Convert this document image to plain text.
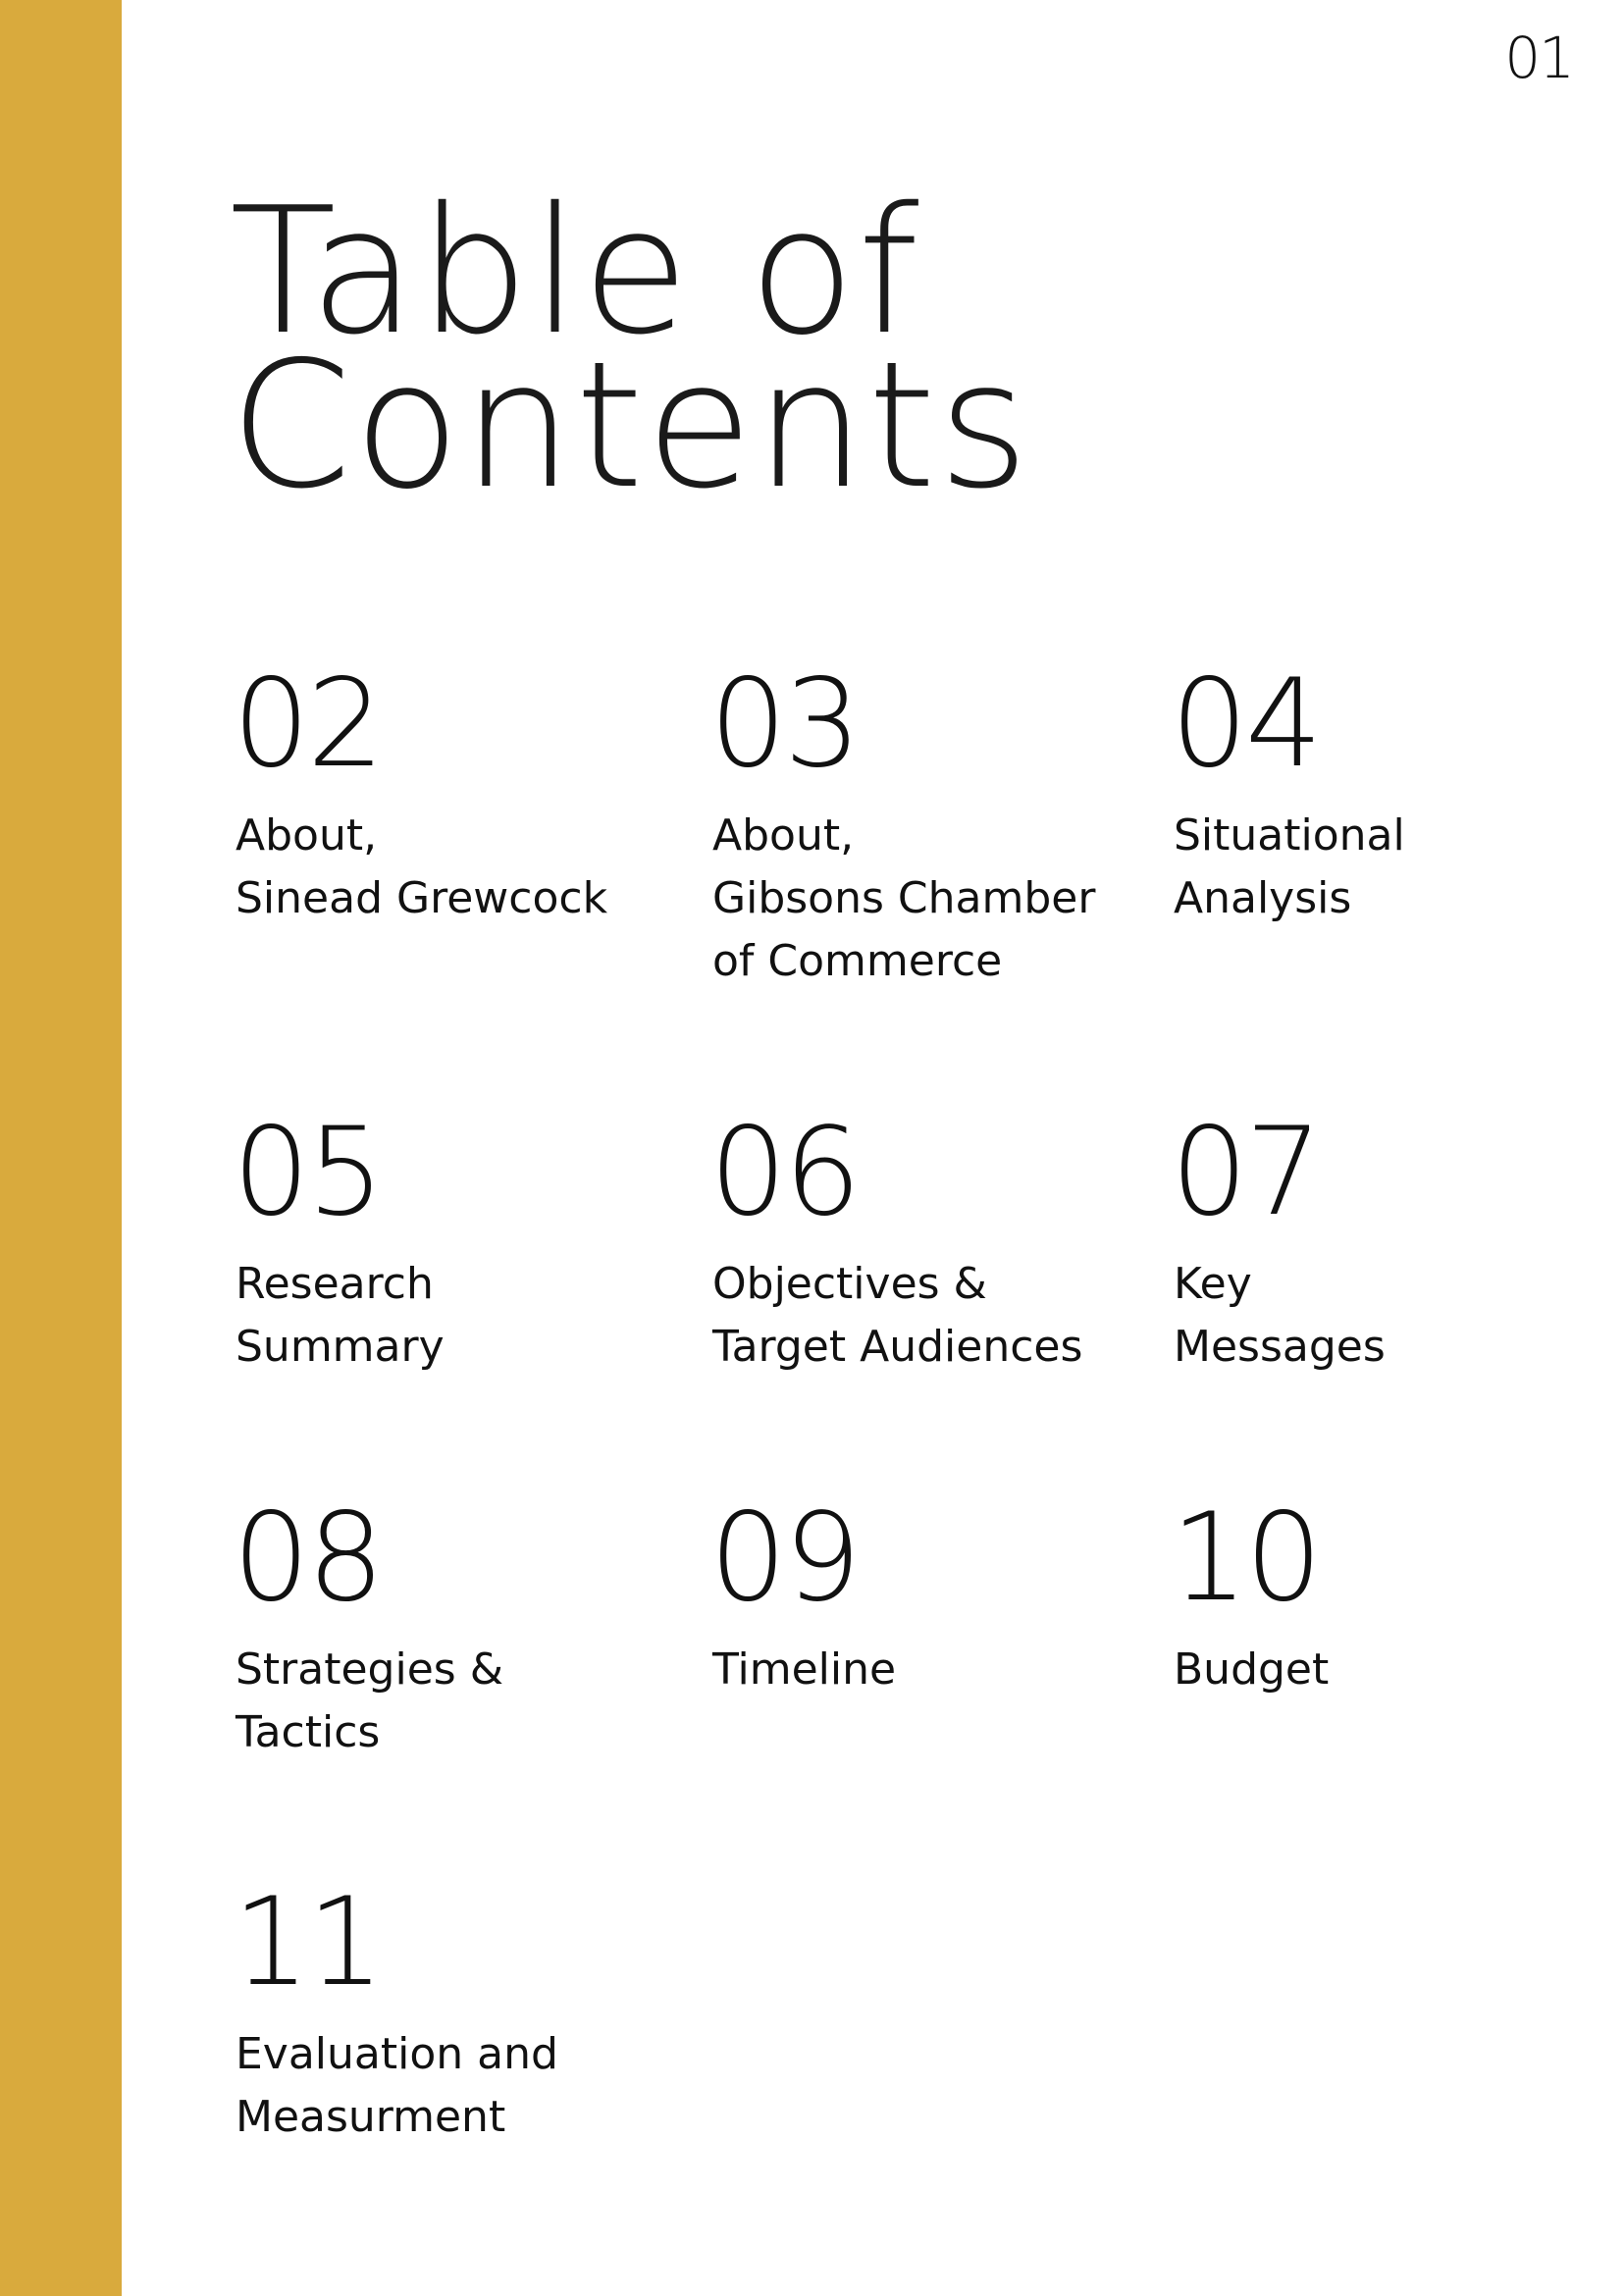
01
Table of
Contents
02
About,
Sinead Grewcock
03
About,
Gibsons Chamber
of Commerce
04
Situational
Analysis
05
Research
Summary
06
Objectives &
Target Audiences
07
Key
Messages
08
Strategies &
Tactics
09
Timeline
10
Budget
11
Evaluation and
Measurment
